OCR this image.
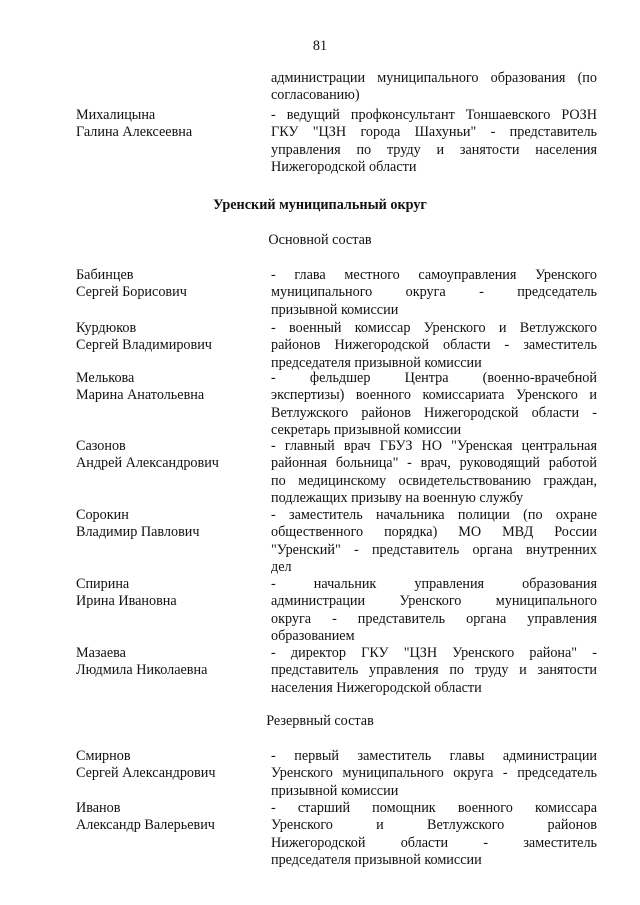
81
администрации муниципального образования (по
согласованию)
Михалицына
Галина Алексеевна
- ведущий профконсультант Тоншаевского РОЗН
ГКУ "ЦЗН города Шахуньи" - представитель
управления по труду и занятости населения
Нижегородской области
Уренский муниципальный округ
Основной состав
Бабинцев
Сергей Борисович
- глава местного самоуправления Уренского
муниципального округа - председатель
призывной комиссии
Курдюков
Сергей Владимирович
- военный комиссар Уренского и Ветлужского
районов Нижегородской области - заместитель
председателя призывной комиссии
Мелькова
Марина Анатольевна
- фельдшер Центра (военно-врачебной
экспертизы) военного комиссариата Уренского и
Ветлужского районов Нижегородской области -
секретарь призывной комиссии
Сазонов
Андрей Александрович
- главный врач ГБУЗ НО "Уренская центральная
районная больница" - врач, руководящий работой
по медицинскому освидетельствованию граждан,
подлежащих призыву на военную службу
Сорокин
Владимир Павлович
- заместитель начальника полиции (по охране
общественного порядка) МО МВД России
"Уренский" - представитель органа внутренних
дел
Спирина
Ирина Ивановна
- начальник управления образования
администрации Уренского муниципального
округа - представитель органа управления
образованием
Мазаева
Людмила Николаевна
- директор ГКУ "ЦЗН Уренского района" -
представитель управления по труду и занятости
населения Нижегородской области
Резервный состав
Смирнов
Сергей Александрович
- первый заместитель главы администрации
Уренского муниципального округа - председатель
призывной комиссии
Иванов
Александр Валерьевич
- старший помощник военного комиссара
Уренского и Ветлужского районов
Нижегородской области - заместитель
председателя призывной комиссии
